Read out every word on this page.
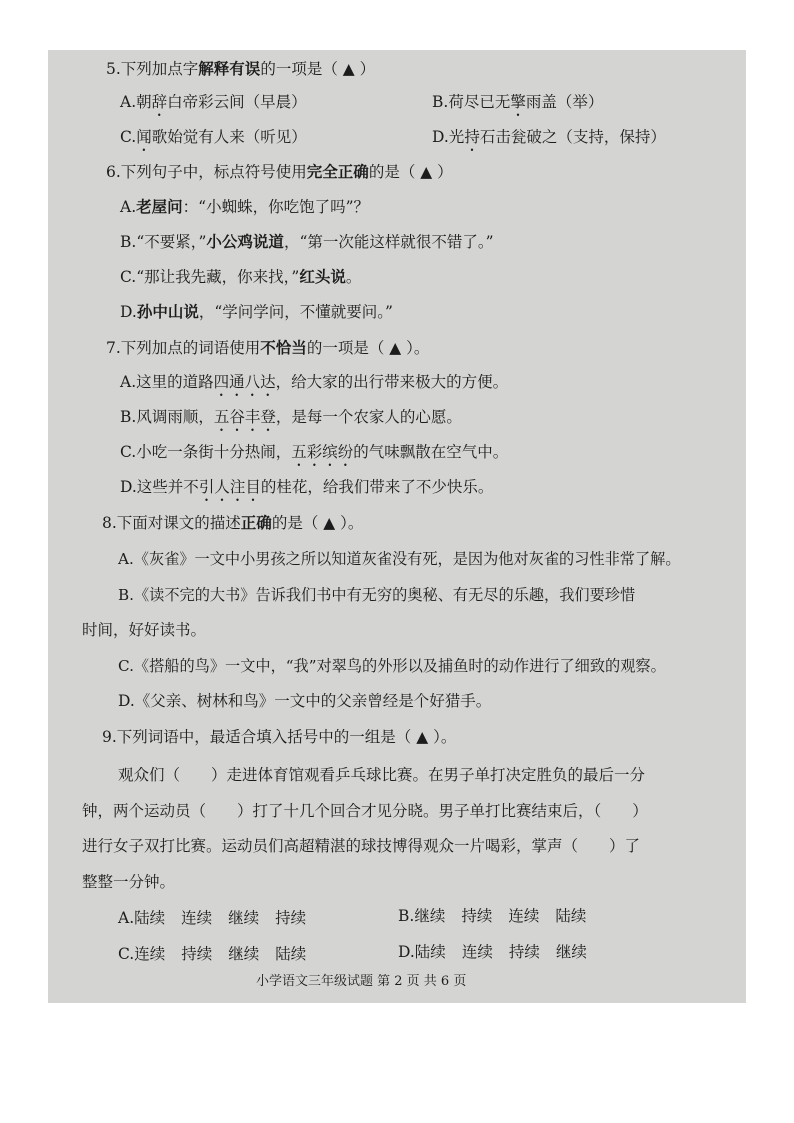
5.下列加点字解释有误的一项是（ ▲ ）
A.朝辞白帝彩云间（早晨）	B.荷尽已无擎雨盖（举）
C.闻歌始觉有人来（听见）	D.光持石击瓮破之（支持，保持）
6.下列句子中，标点符号使用完全正确的是（ ▲ ）
A.老屋问：“小蜘蛛，你吃饱了吗”？
B.“不要紧，”小公鸡说道，“第一次能这样就很不错了。”
C.“那让我先藏，你来找，”红头说。
D.孙中山说，“学问学问，不懂就要问。”
7.下列加点的词语使用不恰当的一项是（ ▲ ）。
A.这里的道路四通八达，给大家的出行带来极大的方便。
B.风调雨顺，五谷丰登，是每一个农家人的心愿。
C.小吃一条街十分热闹，五彩缤纷的气味飘散在空气中。
D.这些并不引人注目的桂花，给我们带来了不少快乐。
8.下面对课文的描述正确的是（ ▲ ）。
A.《灰雀》一文中小男孩之所以知道灰雀没有死，是因为他对灰雀的习性非常了解。
B.《读不完的大书》告诉我们书中有无穷的奥秘、有无尽的乐趣，我们要珍惜
时间，好好读书。
C.《搭船的鸟》一文中，“我”对翠鸟的外形以及捕鱼时的动作进行了细致的观察。
D.《父亲、树林和鸟》一文中的父亲曾经是个好猎手。
9.下列词语中，最适合填入括号中的一组是（ ▲ ）。
观众们（　　）走进体育馆观看乒乓球比赛。在男子单打决定胜负的最后一分
钟，两个运动员（　　）打了十几个回合才见分晓。男子单打比赛结束后，（　　）
进行女子双打比赛。运动员们高超精湛的球技博得观众一片喝彩，掌声（　　）了
整整一分钟。
A.陆续 连续 继续 持续	B.继续 持续 连续 陆续
C.连续 持续 继续 陆续	D.陆续 连续 持续 继续
小学语文三年级试题 第 2 页 共 6 页
